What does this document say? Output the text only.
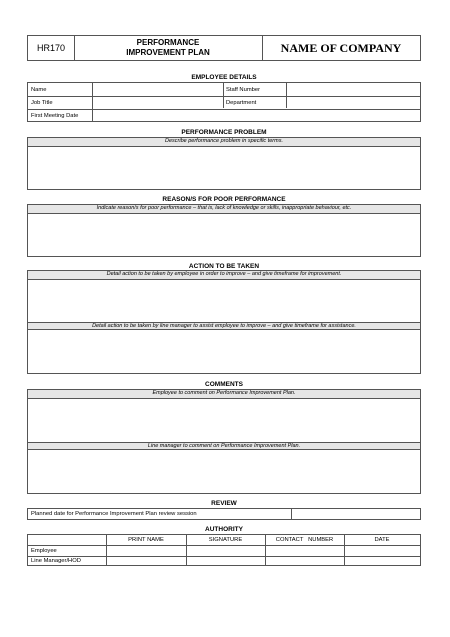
HR170
PERFORMANCE
IMPROVEMENT PLAN	NAME OF COMPANY
EMPLOYEE DETAILS
Name	Staff Number
Job Title	Department
First Meeting Date
PERFORMANCE PROBLEM
Describe performance problem in specific terms.
REASON/S FOR POOR PERFORMANCE
Indicate reason/s for poor performance – that is, lack of knowledge or skills, inappropriate behaviour, etc.
ACTION TO BE TAKEN
Detail action to be taken by employee in order to improve – and give timeframe for improvement.
Detail action to be taken by line manager to assist employee to improve – and give timeframe for assistance.
COMMENTS
Employee to comment on Performance Improvement Plan.
Line manager to comment on Performance Improvement Plan.
REVIEW
Planned date for Performance Improvement Plan review session
AUTHORITY
PRINT NAME	SIGNATURE	CONTACT   NUMBER	DATE
Employee
Line Manager/HOD
